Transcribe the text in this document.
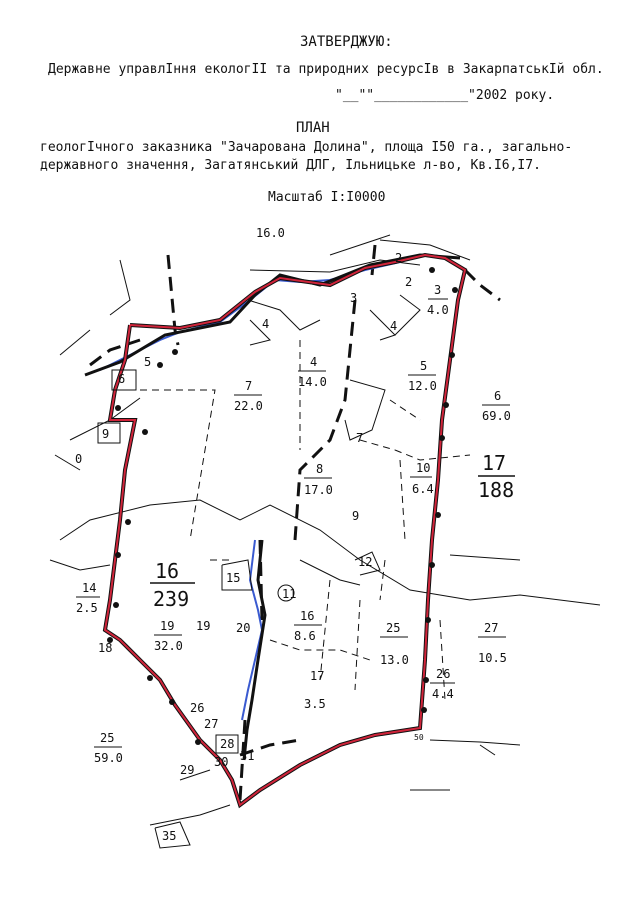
ЗАТВЕРДЖУЮ:
Державне управлIння екологII та природних ресурсIв в ЗакарпатськIй обл.
"__""____________"2002 року.
ПЛАН
геологIчного заказника "Зачарована Долина", площа I50 га., загально-
державного значення, Загатянський ДЛГ, Iльницьке л-во, Кв.I6,I7.
Масштаб I:I0000
16
239
17
188
16.0
2
2
3
4
3
4.0
4
4
14.0
5
12.0
6
69.0
7
22.0
7
5
6
9
0
8
17.0
10
6.4
9
12
15
11
14
2.5
16
8.6
25
13.0
27
10.5
18
19
32.0
19 20
17
3.5
26
4.4
26
27
25
59.0
28
31
30
29
35
50
